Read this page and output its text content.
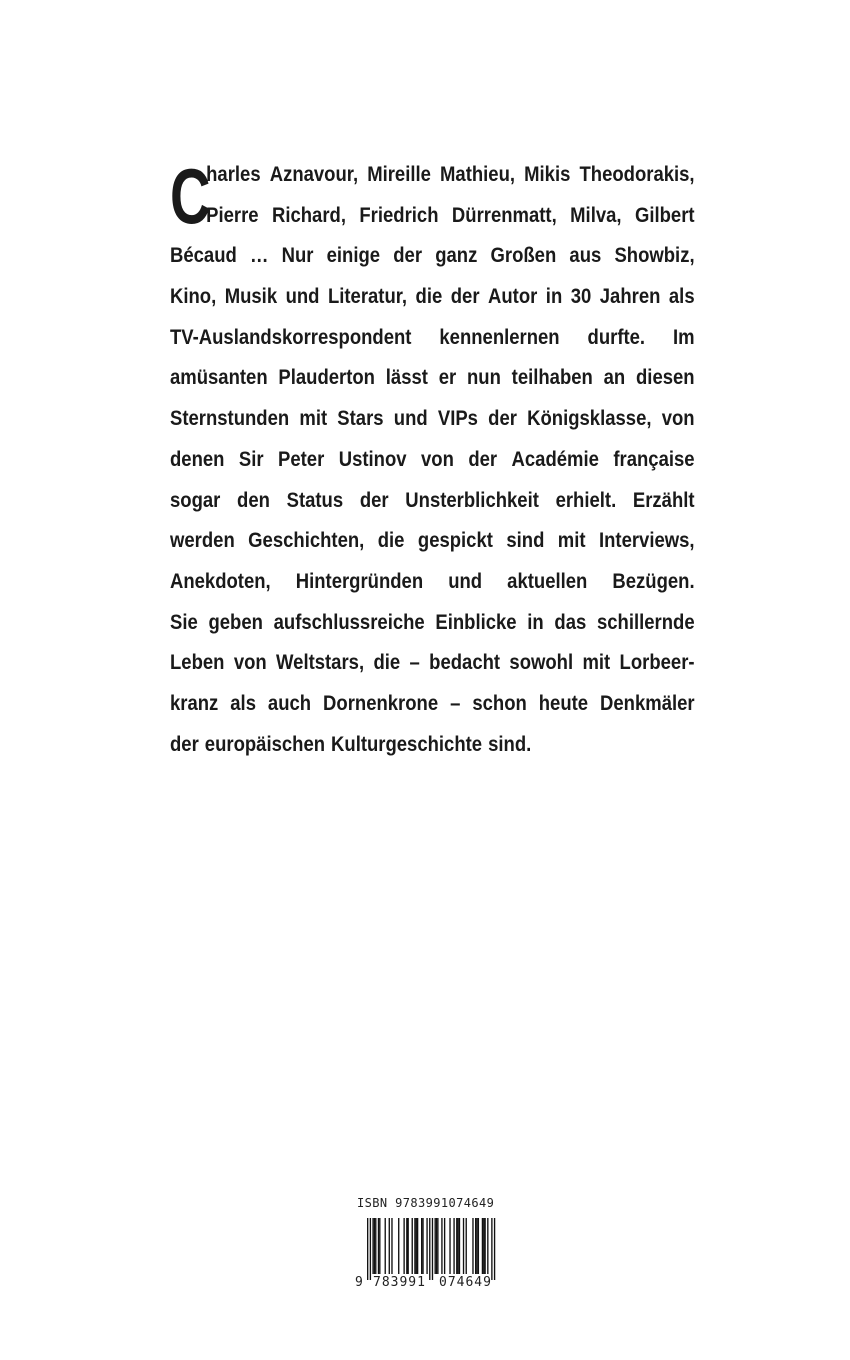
C
harles Aznavour, Mireille Mathieu, Mikis Theodorakis,
Pierre Richard, Friedrich Dürrenmatt, Milva, Gilbert
Bécaud … Nur einige der ganz Großen aus Showbiz,
Kino, Musik und Literatur, die der Autor in 30 Jahren als
TV-Auslandskorrespondent kennenlernen durfte. Im
amüsanten Plauderton lässt er nun teilhaben an diesen
Sternstunden mit Stars und VIPs der Königsklasse, von
denen Sir Peter Ustinov von der Académie française
sogar den Status der Unsterblichkeit erhielt. Erzählt
werden Geschichten, die gespickt sind mit Interviews,
Anekdoten, Hintergründen und aktuellen Bezügen.
Sie geben aufschlussreiche Einblicke in das schillernde
Leben von Weltstars, die – bedacht sowohl mit Lorbeer-
kranz als auch Dornenkrone – schon heute Denkmäler
der europäischen Kulturgeschichte sind.
ISBN 9783991074649
9 783991 074649
